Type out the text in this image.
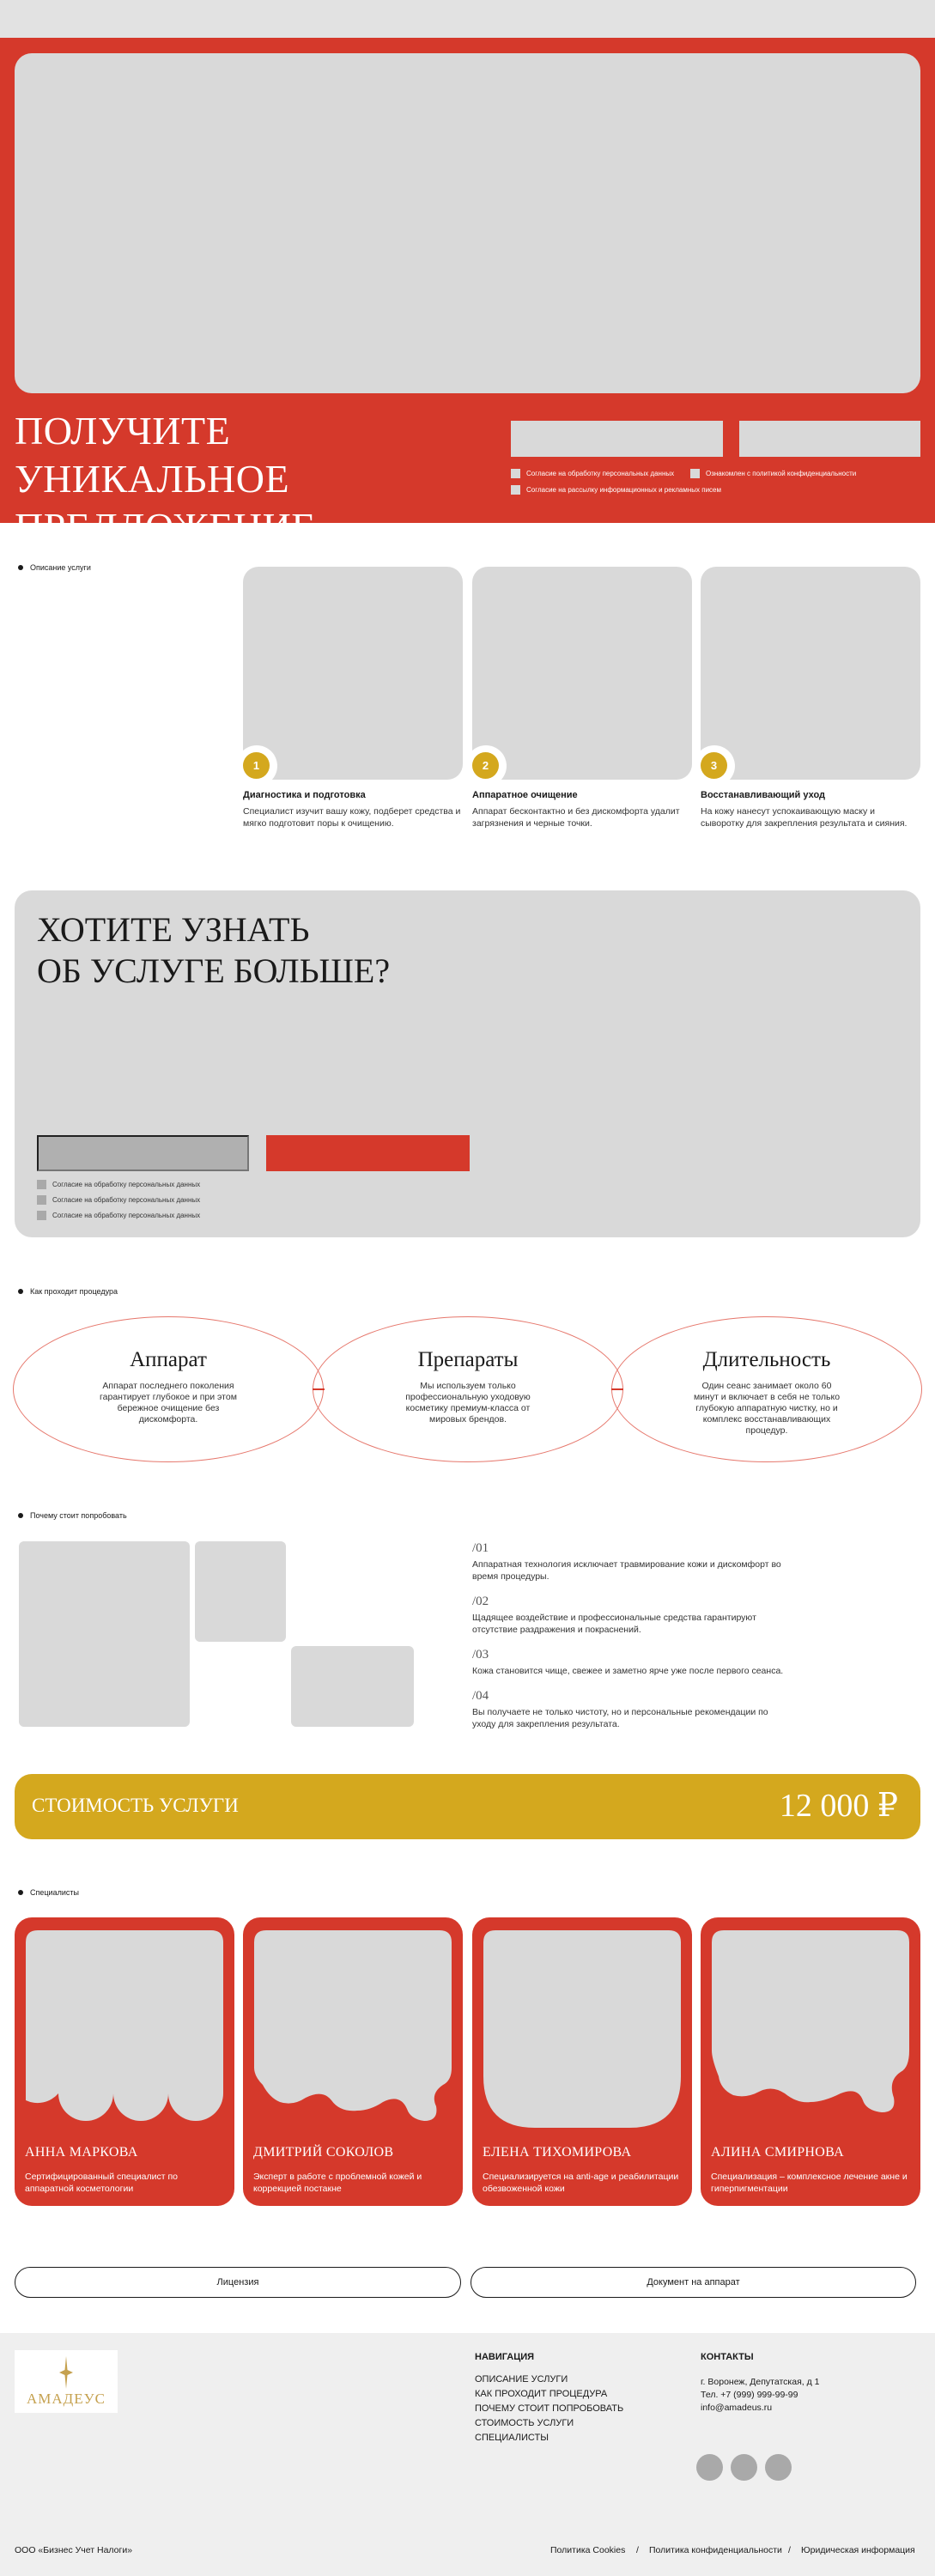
ПОЛУЧИТЕ УНИКАЛЬНОЕ
ПРЕДЛОЖЕНИЕ
Согласие на обработку персональных данных	Ознакомлен с политикой конфиденциальности
Согласие на рассылку информационных и рекламных писем
Описание услуги
1
Диагностика и подготовка
Специалист изучит вашу кожу, подберет средства и мягко подготовит поры к очищению.
2
Аппаратное очищение
Аппарат бесконтактно и без дискомфорта удалит загрязнения и черные точки.
3
Восстанавливающий уход
На кожу нанесут успокаивающую маску и сыворотку для закрепления результата и сияния.
ХОТИТЕ УЗНАТЬ
ОБ УСЛУГЕ БОЛЬШЕ?
Согласие на обработку персональных данных
Согласие на обработку персональных данных
Согласие на обработку персональных данных
Как проходит процедура
Аппарат
Аппарат последнего поколения гарантирует глубокое и при этом бережное очищение без дискомфорта.
Препараты
Мы используем только профессиональную уходовую косметику премиум-класса от мировых брендов.
Длительность
Один сеанс занимает около 60 минут и включает в себя не только глубокую аппаратную чистку, но и комплекс восстанавливающих процедур.
Почему стоит попробовать
/01
Аппаратная технология исключает травмирование кожи и дискомфорт во время процедуры.
/02
Щадящее воздействие и профессиональные средства гарантируют отсутствие раздражения и покраснений.
/03
Кожа становится чище, свежее и заметно ярче уже после первого сеанса.
/04
Вы получаете не только чистоту, но и персональные рекомендации по уходу для закрепления результата.
СТОИМОСТЬ УСЛУГИ	12 000 ₽
Специалисты
АННА МАРКОВА
Сертифицированный специалист по аппаратной косметологии
ДМИТРИЙ СОКОЛОВ
Эксперт в работе с проблемной кожей и коррекцией постакне
ЕЛЕНА ТИХОМИРОВА
Специализируется на anti-age и реабилитации обезвоженной кожи
АЛИНА СМИРНОВА
Специализация – комплексное лечение акне и гиперпигментации
Лицензия	Документ на аппарат
АМАДЕУС
НАВИГАЦИЯ
ОПИСАНИЕ УСЛУГИ
КАК ПРОХОДИТ ПРОЦЕДУРА
ПОЧЕМУ СТОИТ ПОПРОБОВАТЬ
СТОИМОСТЬ УСЛУГИ
СПЕЦИАЛИСТЫ
КОНТАКТЫ
г. Воронеж, Депутатская, д 1
Тел. +7 (999) 999-99-99
info@amadeus.ru
ООО «Бизнес Учет Налоги»	Политика Cookies / Политика конфиденциальности / Юридическая информация
